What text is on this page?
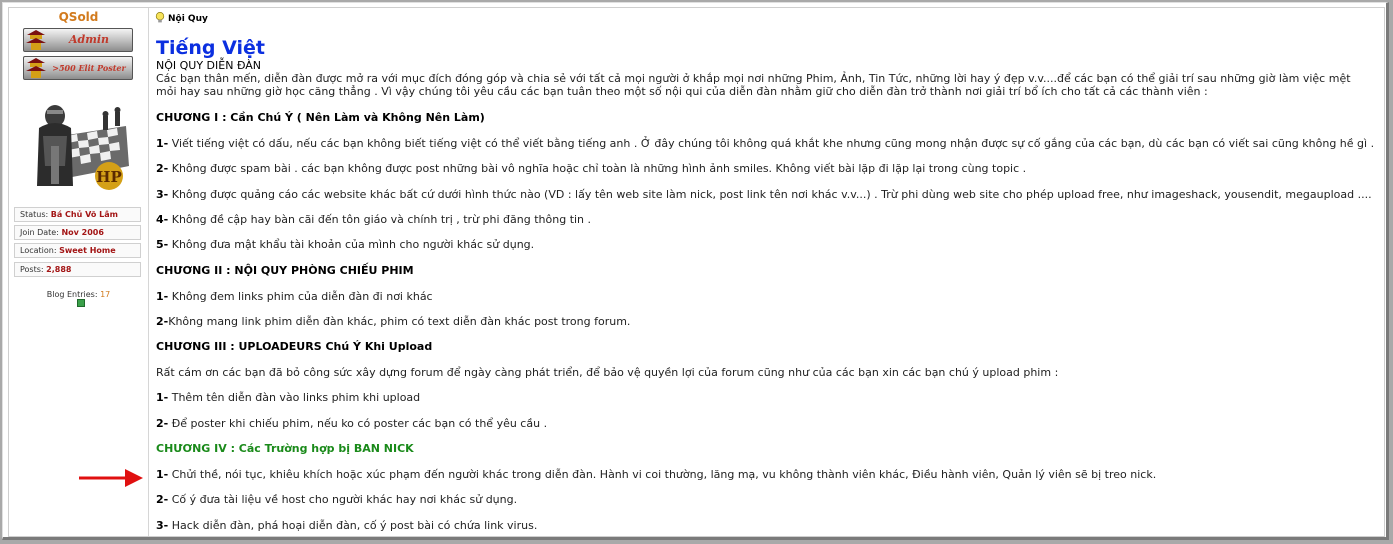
QSold
Admin
>500 Elit Poster
HP
Status: Bá Chủ Võ Lâm
Join Date: Nov 2006
Location: Sweet Home
Posts: 2,888
Blog Entries: 17
Nội Quy
Tiếng Việt
NỘI QUY DIỄN ĐÀN
Các bạn thân mến, diễn đàn được mở ra với mục đích đóng góp và chia sẻ với tất cả mọi người ở khắp mọi nơi những Phim, Ảnh, Tin Tức, những lời hay ý đẹp v.v....để các bạn có thể giải trí sau những giờ làm việc mệt mỏi hay sau những giờ học căng thẳng . Vì vậy chúng tôi yêu cầu các bạn tuân theo một số nội qui của diễn đàn nhằm giữ cho diễn đàn trở thành nơi giải trí bổ ích cho tất cả các thành viên :
CHƯƠNG I : Cần Chú Ý ( Nên Làm và Không Nên Làm)
1- Viết tiếng việt có dấu, nếu các bạn không biết tiếng việt có thể viết bằng tiếng anh . Ở đây chúng tôi không quá khắt khe nhưng cũng mong nhận được sự cố gắng của các bạn, dù các bạn có viết sai cũng không hề gì .
2- Không được spam bài . các bạn không được post những bài vô nghĩa hoặc chỉ toàn là những hình ảnh smiles. Không viết bài lặp đi lặp lại trong cùng topic .
3- Không được quảng cáo các website khác bất cứ dưới hình thức nào (VD : lấy tên web site làm nick, post link tên nơi khác v.v...) . Trừ phi dùng web site cho phép upload free, như imageshack, yousendit, megaupload ....
4- Không đề cập hay bàn cãi đến tôn giáo và chính trị , trừ phi đăng thông tin .
5- Không đưa mật khẩu tài khoản của mình cho người khác sử dụng.
CHƯƠNG II : NỘI QUY PHÒNG CHIẾU PHIM
1- Không đem links phim của diễn đàn đi nơi khác
2-Không mang link phim diễn đàn khác, phim có text diễn đàn khác post trong forum.
CHƯƠNG III : UPLOADEURS Chú Ý Khi Upload
Rất cám ơn các bạn đã bỏ công sức xây dựng forum để ngày càng phát triển, để bảo vệ quyền lợi của forum cũng như của các bạn xin các bạn chú ý upload phim :
1- Thêm tên diễn đàn vào links phim khi upload
2- Để poster khi chiếu phim, nếu ko có poster các bạn có thể yêu cầu .
CHƯƠNG IV : Các Trường hợp bị BAN NICK
1- Chửi thề, nói tục, khiêu khích hoặc xúc phạm đến người khác trong diễn đàn. Hành vi coi thường, lăng mạ, vu không thành viên khác, Điều hành viên, Quản lý viên sẽ bị treo nick.
2- Cố ý đưa tài liệu về host cho người khác hay nơi khác sử dụng.
3- Hack diễn đàn, phá hoại diễn đàn, cố ý post bài có chứa link virus.
